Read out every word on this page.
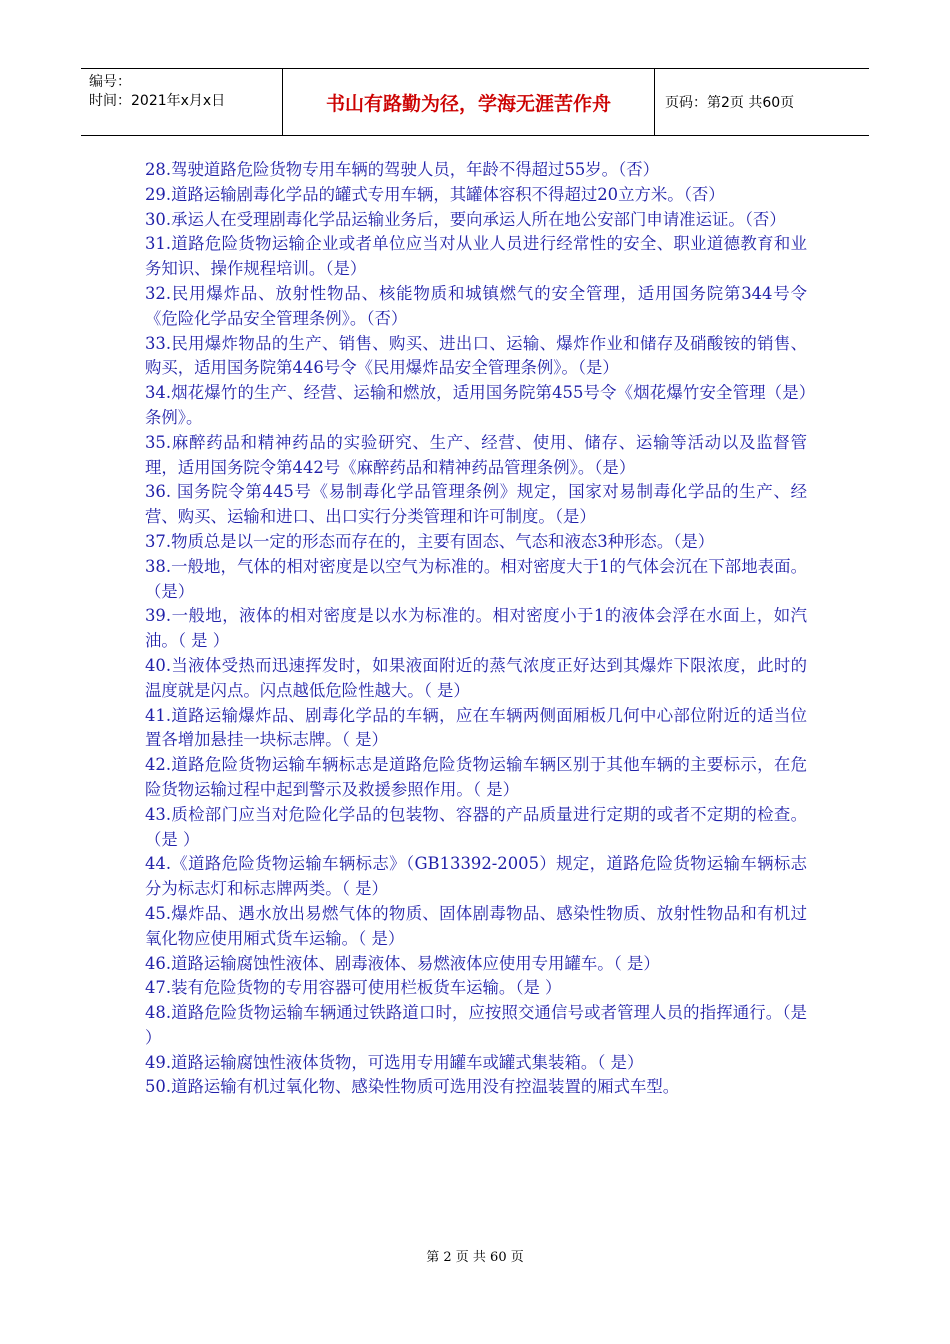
编号：
时间：2021年x月x日	书山有路勤为径，学海无涯苦作舟	页码：第2页 共60页

28.驾驶道路危险货物专用车辆的驾驶人员，年龄不得超过55岁。（否）

29.道路运输剧毒化学品的罐式专用车辆，其罐体容积不得超过20立方米。（否）

30.承运人在受理剧毒化学品运输业务后，要向承运人所在地公安部门申请准运证。（否）

31.道路危险货物运输企业或者单位应当对从业人员进行经常性的安全、职业道德教育和业务知识、操作规程培训。（是）

32.民用爆炸品、放射性物品、核能物质和城镇燃气的安全管理，适用国务院第344号令《危险化学品安全管理条例》。（否）

33.民用爆炸物品的生产、销售、购买、进出口、运输、爆炸作业和储存及硝酸铵的销售、购买，适用国务院第446号令《民用爆炸品安全管理条例》。（是）

34.烟花爆竹的生产、经营、运输和燃放，适用国务院第455号令《烟花爆竹安全管理（是）条例》。

35.麻醉药品和精神药品的实验研究、生产、经营、使用、储存、运输等活动以及监督管理，适用国务院令第442号《麻醉药品和精神药品管理条例》。（是）

36. 国务院令第445号《易制毒化学品管理条例》规定，国家对易制毒化学品的生产、经营、购买、运输和进口、出口实行分类管理和许可制度。（是）

37.物质总是以一定的形态而存在的，主要有固态、气态和液态3种形态。（是）

38.一般地，气体的相对密度是以空气为标准的。相对密度大于1的气体会沉在下部地表面。（是）

39.一般地，液体的相对密度是以水为标准的。相对密度小于1的液体会浮在水面上，如汽油。（ 是 ）

40.当液体受热而迅速挥发时，如果液面附近的蒸气浓度正好达到其爆炸下限浓度，此时的温度就是闪点。闪点越低危险性越大。（ 是）

41.道路运输爆炸品、剧毒化学品的车辆，应在车辆两侧面厢板几何中心部位附近的适当位置各增加悬挂一块标志牌。（ 是）

42.道路危险货物运输车辆标志是道路危险货物运输车辆区别于其他车辆的主要标示，在危险货物运输过程中起到警示及救援参照作用。（ 是）

43.质检部门应当对危险化学品的包装物、容器的产品质量进行定期的或者不定期的检查。（是 ）

44.《道路危险货物运输车辆标志》（GB13392-2005）规定，道路危险货物运输车辆标志分为标志灯和标志牌两类。（ 是）

45.爆炸品、遇水放出易燃气体的物质、固体剧毒物品、感染性物质、放射性物品和有机过氧化物应使用厢式货车运输。（ 是）

46.道路运输腐蚀性液体、剧毒液体、易燃液体应使用专用罐车。（ 是）

47.装有危险货物的专用容器可使用栏板货车运输。（是 ）

48.道路危险货物运输车辆通过铁路道口时，应按照交通信号或者管理人员的指挥通行。（是 ）

49.道路运输腐蚀性液体货物，可选用专用罐车或罐式集装箱。（ 是）

50.道路运输有机过氧化物、感染性物质可选用没有控温装置的厢式车型。

第 2 页 共 60 页
